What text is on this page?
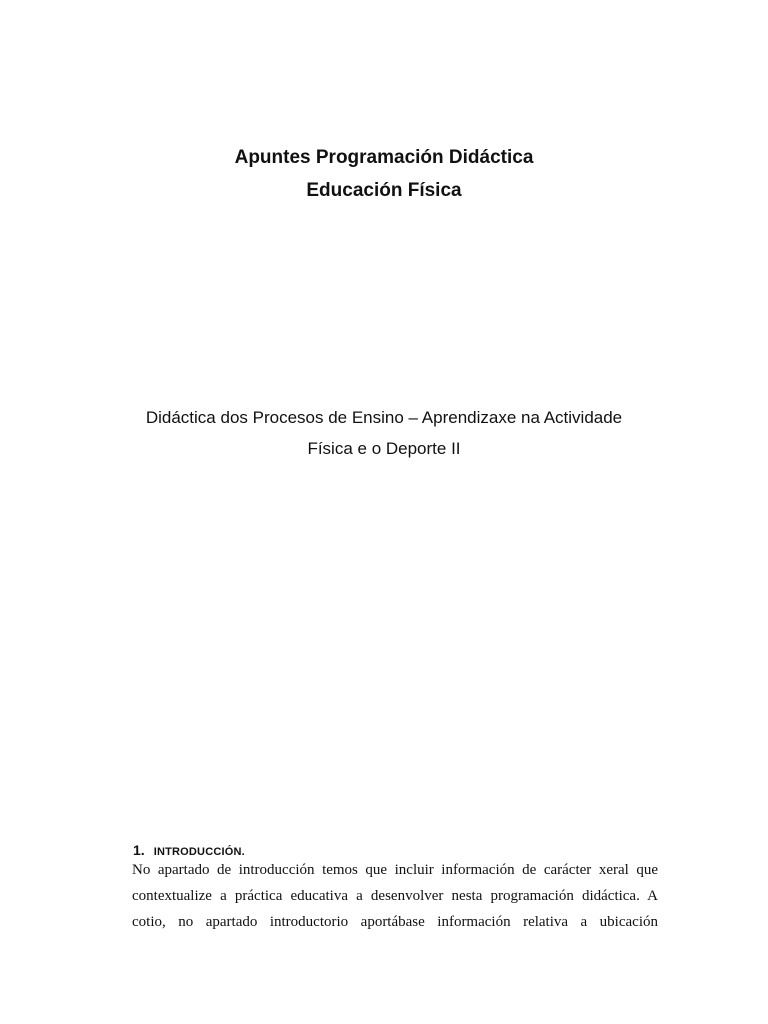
Apuntes Programación Didáctica
Educación Física

Didáctica dos Procesos de Ensino – Aprendizaxe na Actividade

Física e o Deporte II

1. INTRODUCCIÓN.
No apartado de introducción temos que incluir información de carácter xeral que
contextualize a práctica educativa a desenvolver nesta programación didáctica. A
cotio, no apartado introductorio aportábase información relativa a ubicación
